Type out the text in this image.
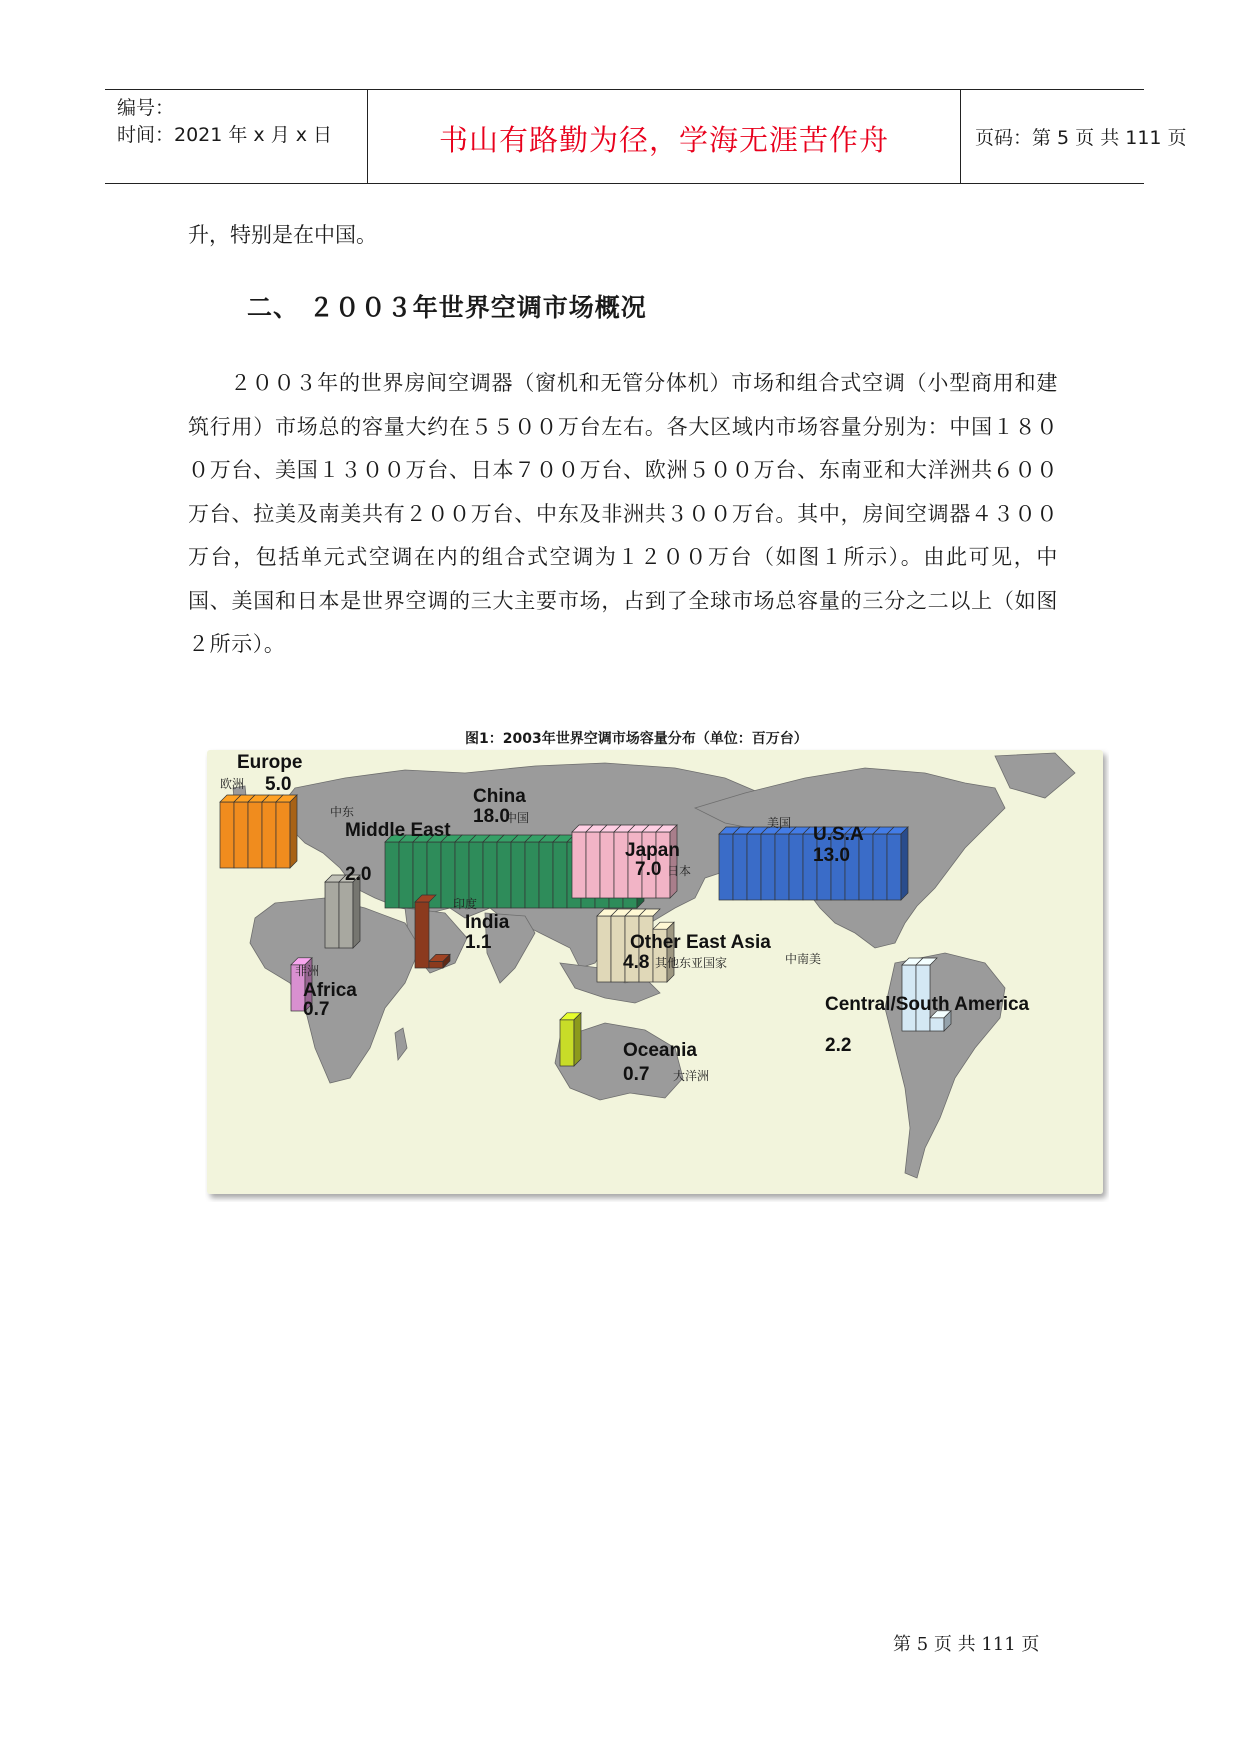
编号：
时间：2021 年 x 月 x 日	书山有路勤为径，学海无涯苦作舟	页码：第 5 页 共 111 页
升，特别是在中国。
二、 ２００３年世界空调市场概况
２００３年的世界房间空调器（窗机和无管分体机）市场和组合式空调（小型商用和建筑行用）市场总的容量大约在５５００万台左右。各大区域内市场容量分别为：中国１８００万台、美国１３００万台、日本７００万台、欧洲５００万台、东南亚和大洋洲共６００万台、拉美及南美共有２００万台、中东及非洲共３００万台。其中，房间空调器４３００万台，包括单元式空调在内的组合式空调为１２００万台（如图１所示）。由此可见，中国、美国和日本是世界空调的三大主要市场，占到了全球市场总容量的三分之二以上（如图２所示）。
图1：2003年世界空调市场容量分布（单位：百万台）
Europe
5.0
欧洲
Middle East
2.0
中东
China
18.0
中国
India
1.1
印度
Japan
7.0 日本
Other East Asia
4.8 其他东亚国家
U.S.A
13.0
美国
Africa
0.7
非洲
Oceania
0.7 大洋洲
Central/South America
2.2
中南美
第 5 页 共 111 页
